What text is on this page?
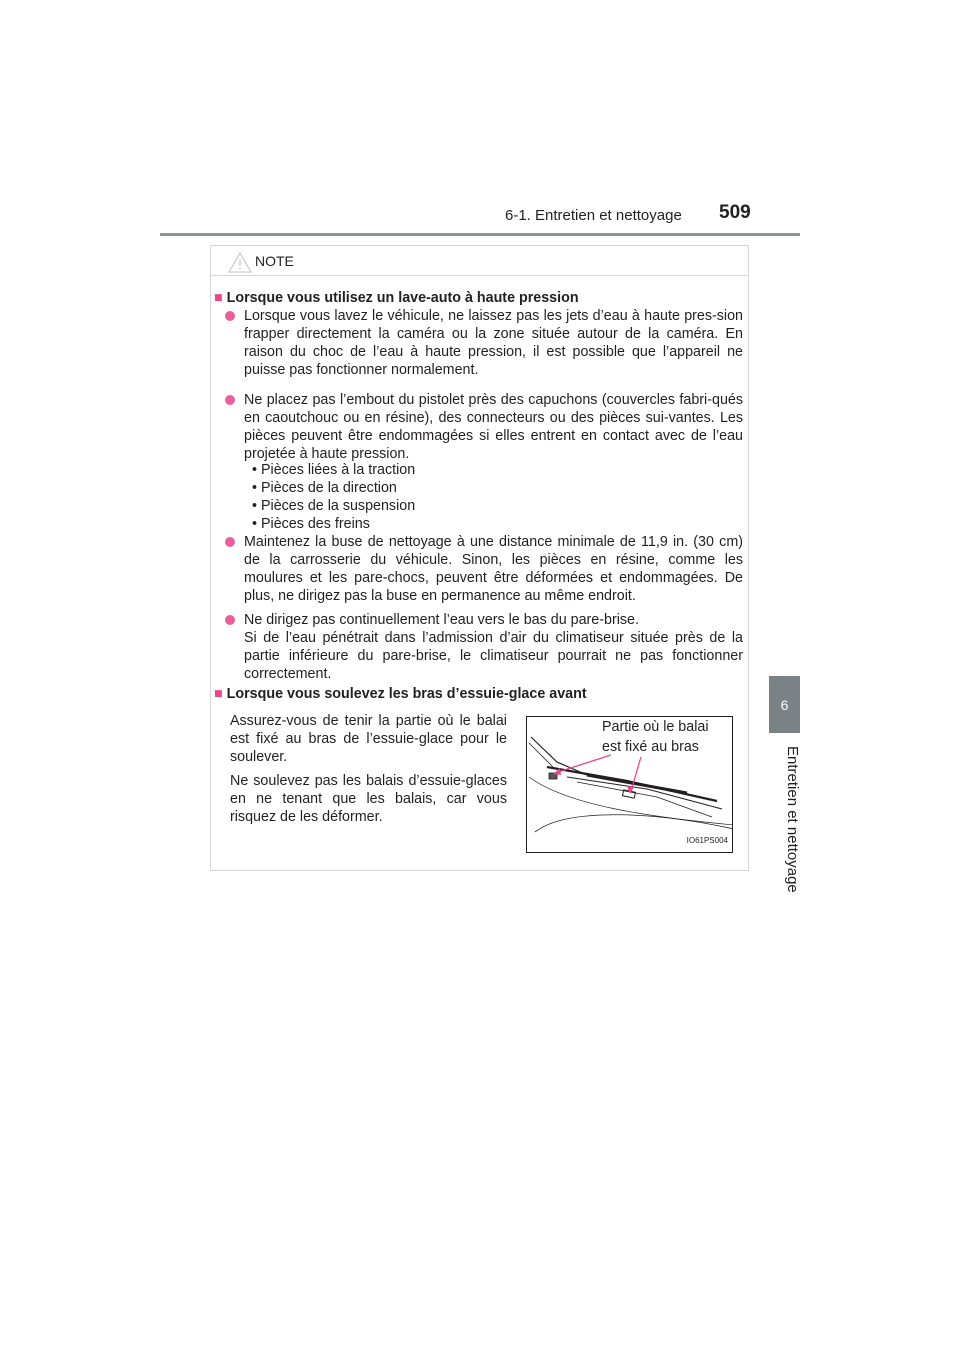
6-1. Entretien et nettoyage 509
6
Entretien et nettoyage
NOTE
■ Lorsque vous utilisez un lave-auto à haute pression

Lorsque vous lavez le véhicule, ne laissez pas les jets d’eau à haute pres-sion frapper directement la caméra ou la zone située autour de la caméra. En raison du choc de l’eau à haute pression, il est possible que l’appareil ne puisse pas fonctionner normalement.

Ne placez pas l’embout du pistolet près des capuchons (couvercles fabri-qués en caoutchouc ou en résine), des connecteurs ou des pièces sui-vantes. Les pièces peuvent être endommagées si elles entrent en contact avec de l’eau projetée à haute pression.

• Pièces liées à la traction
• Pièces de la direction
• Pièces de la suspension
• Pièces des freins

Maintenez la buse de nettoyage à une distance minimale de 11,9 in. (30 cm) de la carrosserie du véhicule. Sinon, les pièces en résine, comme les moulures et les pare-chocs, peuvent être déformées et endommagées. De plus, ne dirigez pas la buse en permanence au même endroit.

Ne dirigez pas continuellement l’eau vers le bas du pare-brise.

Si de l’eau pénétrait dans l’admission d’air du climatiseur située près de la partie inférieure du pare-brise, le climatiseur pourrait ne pas fonctionner correctement.

■ Lorsque vous soulevez les bras d’essuie-glace avant
Assurez-vous de tenir la partie où le balai est fixé au bras de l’essuie-glace pour le soulever.
Ne soulevez pas les balais d’essuie-glaces en ne tenant que les balais, car vous risquez de les déformer.
Partie où le balai
est fixé au bras
IO61PS004
